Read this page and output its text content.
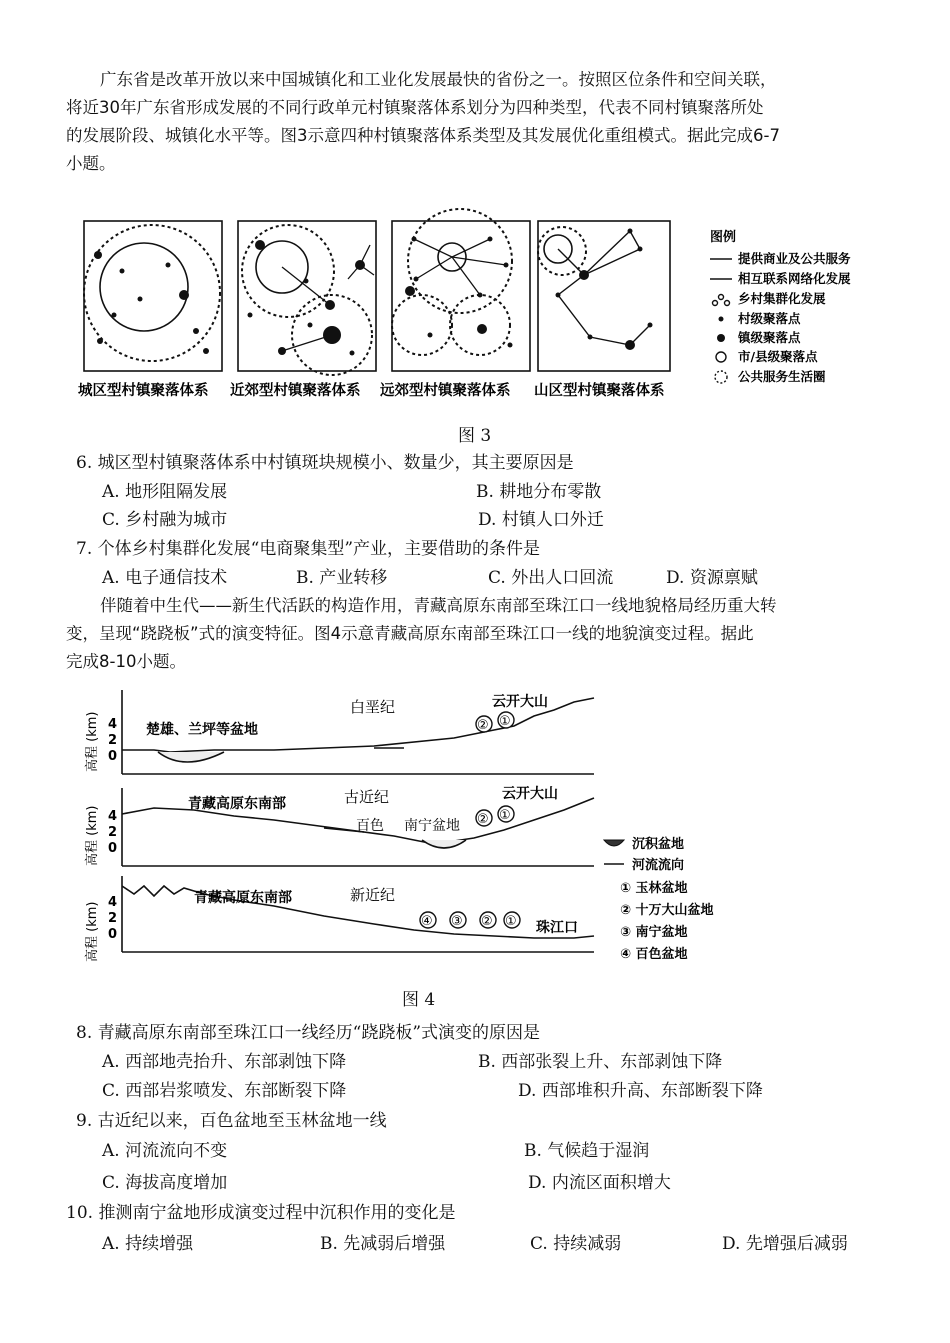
广东省是改革开放以来中国城镇化和工业化发展最快的省份之一。按照区位条件和空间关联，
将近30年广东省形成发展的不同行政单元村镇聚落体系划分为四种类型，代表不同村镇聚落所处
的发展阶段、城镇化水平等。图3示意四种村镇聚落体系类型及其发展优化重组模式。据此完成6-7
小题。
城区型村镇聚落体系 近郊型村镇聚落体系 远郊型村镇聚落体系 山区型村镇聚落体系
图例
提供商业及公共服务
相互联系网络化发展
乡村集群化发展
村级聚落点
镇级聚落点
市/县级聚落点
公共服务生活圈
图 3
6. 城区型村镇聚落体系中村镇斑块规模小、数量少，其主要原因是
A. 地形阻隔发展	B. 耕地分布零散
C. 乡村融为城市	D. 村镇人口外迁
7. 个体乡村集群化发展“电商聚集型”产业，主要借助的条件是
A. 电子通信技术	B. 产业转移	C. 外出人口回流	D. 资源禀赋
伴随着中生代——新生代活跃的构造作用，青藏高原东南部至珠江口一线地貌格局经历重大转
变，呈现“跷跷板”式的演变特征。图4示意青藏高原东南部至珠江口一线的地貌演变过程。据此
完成8-10小题。
高程 (km) 4
2
0
白垩纪
楚雄、兰坪等盆地
云开大山
② ①
高程 (km) 4
2
0
古近纪
青藏高原东南部
百色 南宁盆地
云开大山
② ①
高程 (km) 4
2
0
新近纪
青藏高原东南部
珠江口
④ ③ ② ①
沉积盆地
河流流向
① 玉林盆地
② 十万大山盆地
③ 南宁盆地
④ 百色盆地
图 4
8. 青藏高原东南部至珠江口一线经历“跷跷板”式演变的原因是
A. 西部地壳抬升、东部剥蚀下降	B. 西部张裂上升、东部剥蚀下降
C. 西部岩浆喷发、东部断裂下降	D. 西部堆积升高、东部断裂下降
9. 古近纪以来，百色盆地至玉林盆地一线
A. 河流流向不变	B. 气候趋于湿润
C. 海拔高度增加	D. 内流区面积增大
10. 推测南宁盆地形成演变过程中沉积作用的变化是
A. 持续增强	B. 先减弱后增强	C. 持续减弱	D. 先增强后减弱
